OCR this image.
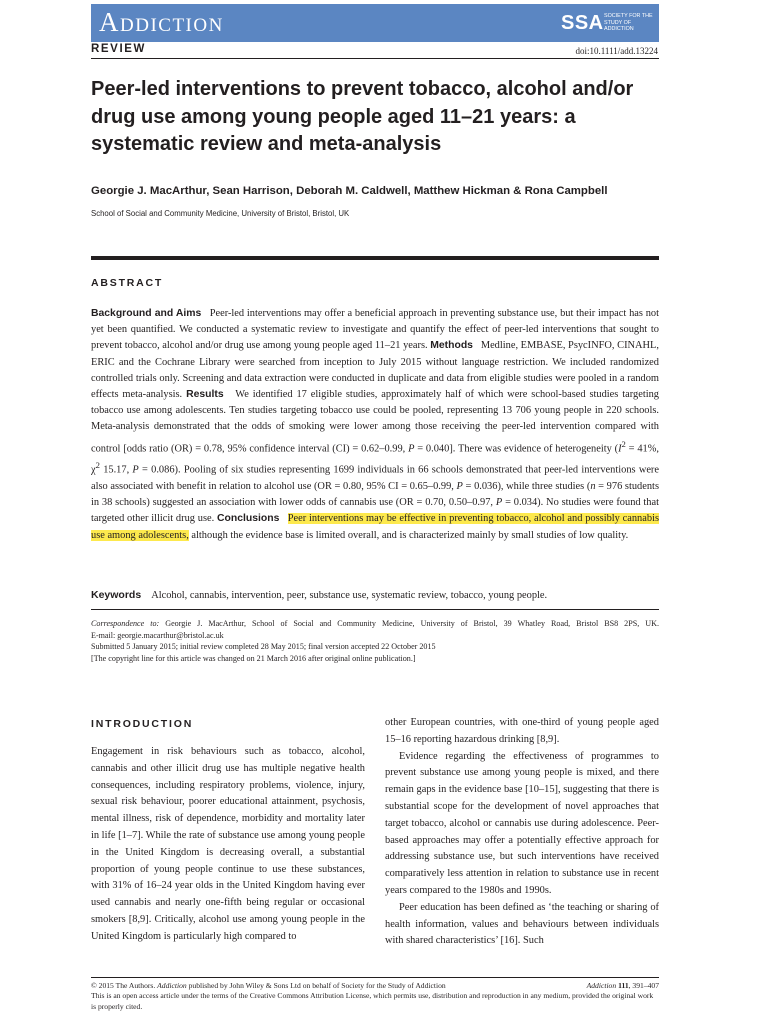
Addiction	SSA SOCIETY FOR THE STUDY OF ADDICTION
REVIEW	doi:10.1111/add.13224
Peer-led interventions to prevent tobacco, alcohol and/or drug use among young people aged 11–21 years: a systematic review and meta-analysis

Georgie J. MacArthur, Sean Harrison, Deborah M. Caldwell, Matthew Hickman & Rona Campbell

School of Social and Community Medicine, University of Bristol, Bristol, UK
ABSTRACT

Background and Aims Peer-led interventions may offer a beneficial approach in preventing substance use, but their impact has not yet been quantified. We conducted a systematic review to investigate and quantify the effect of peer-led interventions that sought to prevent tobacco, alcohol and/or drug use among young people aged 11–21 years. Methods Medline, EMBASE, PsycINFO, CINAHL, ERIC and the Cochrane Library were searched from inception to July 2015 without language restriction. We included randomized controlled trials only. Screening and data extraction were conducted in duplicate and data from eligible studies were pooled in a random effects meta-analysis. Results We identified 17 eligible studies, approximately half of which were school-based studies targeting tobacco use among adolescents. Ten studies targeting tobacco use could be pooled, representing 13 706 young people in 220 schools. Meta-analysis demonstrated that the odds of smoking were lower among those receiving the peer-led intervention compared with control [odds ratio (OR) = 0.78, 95% confidence interval (CI) = 0.62–0.99, P = 0.040]. There was evidence of heterogeneity ($I^2 = 41\%$, $\chi^2$ 15.17, P = 0.086). Pooling of six studies representing 1699 individuals in 66 schools demonstrated that peer-led interventions were also associated with benefit in relation to alcohol use (OR = 0.80, 95% CI = 0.65–0.99, P = 0.036), while three studies (n = 976 students in 38 schools) suggested an association with lower odds of cannabis use (OR = 0.70, 0.50–0.97, P = 0.034). No studies were found that targeted other illicit drug use. Conclusions Peer interventions may be effective in preventing tobacco, alcohol and possibly cannabis use among adolescents, although the evidence base is limited overall, and is characterized mainly by small studies of low quality.

Keywords Alcohol, cannabis, intervention, peer, substance use, systematic review, tobacco, young people.

Correspondence to: Georgie J. MacArthur, School of Social and Community Medicine, University of Bristol, 39 Whatley Road, Bristol BS8 2PS, UK.
E-mail: georgie.macarthur@bristol.ac.uk
Submitted 5 January 2015; initial review completed 28 May 2015; final version accepted 22 October 2015
[The copyright line for this article was changed on 21 March 2016 after original online publication.]
INTRODUCTION

Engagement in risk behaviours such as tobacco, alcohol, cannabis and other illicit drug use has multiple negative health consequences, including respiratory problems, violence, injury, sexual risk behaviour, poorer educational attainment, psychosis, mental illness, risk of dependence, morbidity and mortality later in life [1–7]. While the rate of substance use among young people in the United Kingdom is decreasing overall, a substantial proportion of young people continue to use these substances, with 31% of 16–24 year olds in the United Kingdom having ever used cannabis and nearly one-fifth being regular or occasional smokers [8,9]. Critically, alcohol use among young people in the United Kingdom is particularly high compared to

other European countries, with one-third of young people aged 15–16 reporting hazardous drinking [8,9].

Evidence regarding the effectiveness of programmes to prevent substance use among young people is mixed, and there remain gaps in the evidence base [10–15], suggesting that there is substantial scope for the development of novel approaches that target tobacco, alcohol or cannabis use during adolescence. Peer-based approaches may offer a potentially effective approach for addressing substance use, but such interventions have received comparatively less attention in relation to substance use in recent years compared to the 1980s and 1990s.

Peer education has been defined as ‘the teaching or sharing of health information, values and behaviours between individuals with shared characteristics’ [16]. Such

© 2015 The Authors. Addiction published by John Wiley & Sons Ltd on behalf of Society for the Study of Addiction	Addiction 111, 391–407
This is an open access article under the terms of the Creative Commons Attribution License, which permits use, distribution and reproduction in any medium, provided the original work is properly cited.
